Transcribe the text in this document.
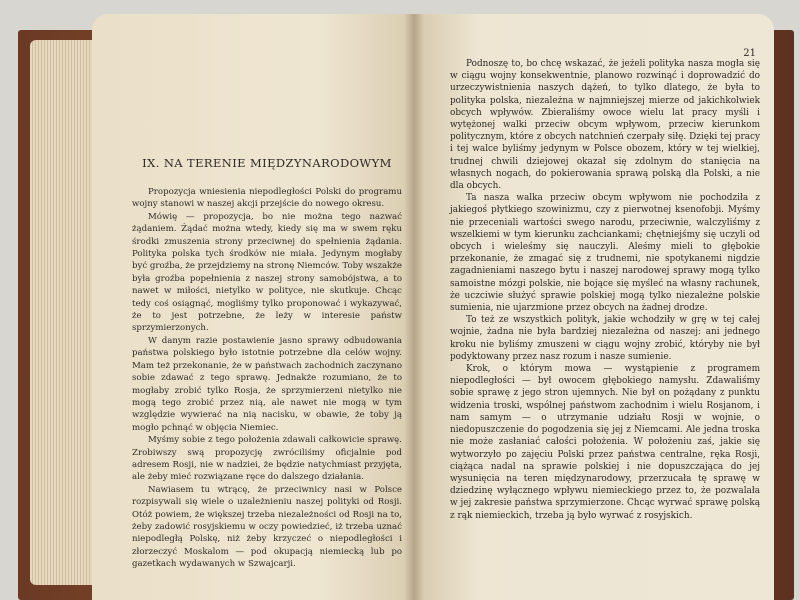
IX. NA TERENIE MIĘDZYNARODOWYM

Propozycja wniesienia niepodległości Polski do programu wojny stanowi w naszej akcji przejście do nowego okresu.

Mówię — propozycja, bo nie można tego nazwać żądaniem. Żądać można wtedy, kiedy się ma w swem ręku środki zmuszenia strony przeciwnej do spełnienia żądania. Polityka polska tych środków nie miała. Jedynym mogłaby być groźba, że przejdziemy na stronę Niemców. Toby wszakże była groźba popełnienia z naszej strony samobójstwa, a to nawet w miłości, nietylko w polityce, nie skutkuje. Chcąc tedy coś osiągnąć, mogliśmy tylko proponować i wykazywać, że to jest potrzebne, że leży w interesie państw sprzymierzonych.

W danym razie postawienie jasno sprawy odbudowania państwa polskiego było istotnie potrzebne dla celów wojny. Mam też przekonanie, że w państwach zachodnich zaczynano sobie zdawać z tego sprawę. Jednakże rozumiano, że to mogłaby zrobić tylko Rosja, że sprzymierzeni nietylko nie mogą tego zrobić przez nią, ale nawet nie mogą w tym względzie wywierać na nią nacisku, w obawie, że toby ją mogło pchnąć w objęcia Niemiec.

Myśmy sobie z tego położenia zdawali całkowicie sprawę. Zrobiwszy swą propozycję zwróciliśmy oficjalnie pod adresem Rosji, nie w nadziei, że będzie natychmiast przyjęta, ale żeby mieć rozwiązane ręce do dalszego działania.

Nawiasem tu wtrącę, że przeciwnicy nasi w Polsce rozpisywali się wiele o uzależnieniu naszej polityki od Rosji. Otóż powiem, że większej trzeba niezależności od Rosji na to, żeby zadowić rosyjskiemu w oczy powiedzieć, iż trzeba uznać niepodległą Polskę, niż żeby krzyczeć o niepodległości i złorzeczyć Moskalom — pod okupacją niemiecką lub po gazetkach wydawanych w Szwajcarji.

21

Podnoszę to, bo chcę wskazać, że jeżeli polityka nasza mogła się w ciągu wojny konsekwentnie, planowo rozwinąć i doprowadzić do urzeczywistnienia naszych dążeń, to tylko dlatego, że była to polityka polska, niezależna w najmniejszej mierze od jakichkolwiek obcych wpływów. Zbieraliśmy owoce wielu lat pracy myśli i wytężonej walki przeciw obcym wpływom, przeciw kierunkom politycznym, które z obcych natchnień czerpały siłę. Dzięki tej pracy i tej walce byliśmy jedynym w Polsce obozem, który w tej wielkiej, trudnej chwili dziejowej okazał się zdolnym do stanięcia na własnych nogach, do pokierowania sprawą polską dla Polski, a nie dla obcych.

Ta nasza walka przeciw obcym wpływom nie pochodziła z jakiegoś płytkiego szowinizmu, czy z pierwotnej ksenofobji. Myśmy nie przeceniali wartości swego narodu, przeciwnie, walczyliśmy z wszelkiemi w tym kierunku zachciankami; chętniejśmy się uczyli od obcych i wieleśmy się nauczyli. Aleśmy mieli to głębokie przekonanie, że zmagać się z trudnemi, nie spotykanemi nigdzie zagadnieniami naszego bytu i naszej narodowej sprawy mogą tylko samoistne mózgi polskie, nie bojące się myśleć na własny rachunek, że uczciwie służyć sprawie polskiej mogą tylko niezależne polskie sumienia, nie ujarzmione przez obcych na żadnej drodze.

To też ze wszystkich polityk, jakie wchodziły w grę w tej całej wojnie, żadna nie była bardziej niezależna od naszej: ani jednego kroku nie byliśmy zmuszeni w ciągu wojny zrobić, któryby nie był podyktowany przez nasz rozum i nasze sumienie.

Krok, o którym mowa — wystąpienie z programem niepodległości — był owocem głębokiego namysłu. Zdawaliśmy sobie sprawę z jego stron ujemnych. Nie był on pożądany z punktu widzenia troski, wspólnej państwom zachodnim i wielu Rosjanom, i nam samym — o utrzymanie udziału Rosji w wojnie, o niedopuszczenie do pogodzenia się jej z Niemcami. Ale jedna troska nie może zasłaniać całości położenia. W położeniu zaś, jakie się wytworzyło po zajęciu Polski przez państwa centralne, ręka Rosji, ciążąca nadal na sprawie polskiej i nie dopuszczająca do jej wysunięcia na teren międzynarodowy, przerzucała tę sprawę w dziedzinę wyłącznego wpływu niemieckiego przez to, że pozwalała w jej zakresie państwa sprzymierzone. Chcąc wyrwać sprawę polską z rąk niemieckich, trzeba ją było wyrwać z rosyjskich.
